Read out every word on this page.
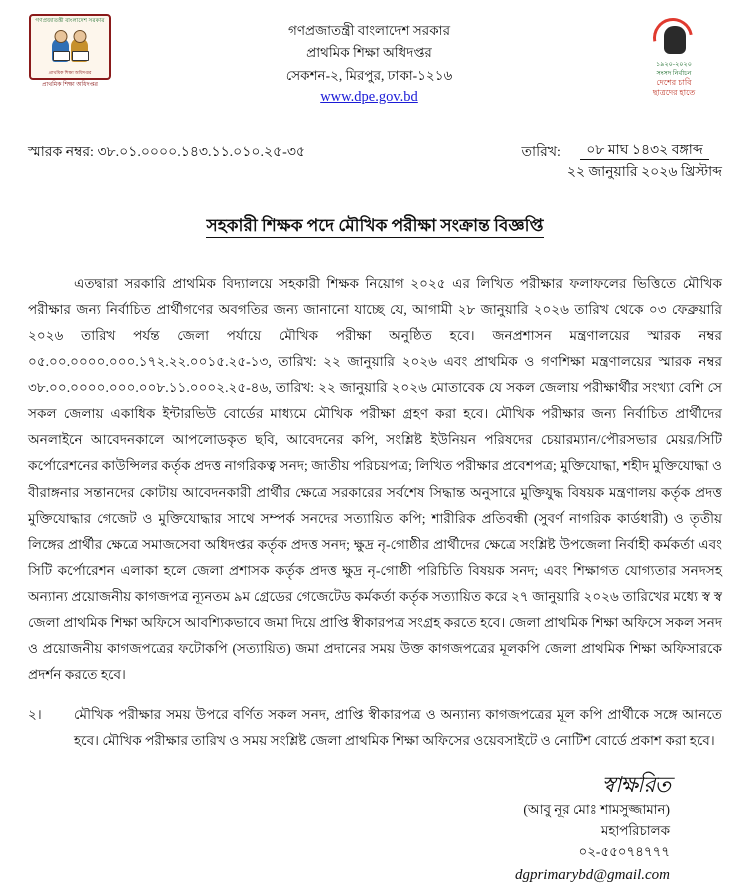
গণপ্রজাতন্ত্রী বাংলাদেশ সরকার
প্রাথমিক শিক্ষা অধিদপ্তর
প্রাথমিক শিক্ষা অধিদপ্তর
গণপ্রজাতন্ত্রী বাংলাদেশ সরকার
প্রাথমিক শিক্ষা অধিদপ্তর
সেকশন-২, মিরপুর, ঢাকা-১২১৬
www.dpe.gov.bd
১৯২০-২০২০
সংসদ নির্বাচন
দেশের চাবি
ছাত্রদের হাতে
স্মারক নম্বর: ৩৮.০১.০০০০.১৪৩.১১.০১০.২৫-৩৫	তারিখ:	০৮ মাঘ ১৪৩২ বঙ্গাব্দ
২২ জানুয়ারি ২০২৬ খ্রিস্টাব্দ
সহকারী শিক্ষক পদে মৌখিক পরীক্ষা সংক্রান্ত বিজ্ঞপ্তি

এতদ্বারা সরকারি প্রাথমিক বিদ্যালয়ে সহকারী শিক্ষক নিয়োগ ২০২৫ এর লিখিত পরীক্ষার ফলাফলের ভিত্তিতে মৌখিক পরীক্ষার জন্য নির্বাচিত প্রার্থীগণের অবগতির জন্য জানানো যাচ্ছে যে, আগামী ২৮ জানুয়ারি ২০২৬ তারিখ থেকে ০৩ ফেব্রুয়ারি ২০২৬ তারিখ পর্যন্ত জেলা পর্যায়ে মৌখিক পরীক্ষা অনুষ্ঠিত হবে। জনপ্রশাসন মন্ত্রণালয়ের স্মারক নম্বর ০৫.০০.০০০০.০০০.১৭২.২২.০০১৫.২৫-১৩, তারিখ: ২২ জানুয়ারি ২০২৬ এবং প্রাথমিক ও গণশিক্ষা মন্ত্রণালয়ের স্মারক নম্বর ৩৮.০০.০০০০.০০০.০০৮.১১.০০০২.২৫-৪৬, তারিখ: ২২ জানুয়ারি ২০২৬ মোতাবেক যে সকল জেলায় পরীক্ষার্থীর সংখ্যা বেশি সে সকল জেলায় একাধিক ইন্টারভিউ বোর্ডের মাধ্যমে মৌখিক পরীক্ষা গ্রহণ করা হবে। মৌখিক পরীক্ষার জন্য নির্বাচিত প্রার্থীদের অনলাইনে আবেদনকালে আপলোডকৃত ছবি, আবেদনের কপি, সংশ্লিষ্ট ইউনিয়ন পরিষদের চেয়ারম্যান/পৌরসভার মেয়র/সিটি কর্পোরেশনের কাউন্সিলর কর্তৃক প্রদত্ত নাগরিকত্ব সনদ; জাতীয় পরিচয়পত্র; লিখিত পরীক্ষার প্রবেশপত্র; মুক্তিযোদ্ধা, শহীদ মুক্তিযোদ্ধা ও বীরাঙ্গনার সন্তানদের কোটায় আবেদনকারী প্রার্থীর ক্ষেত্রে সরকারের সর্বশেষ সিদ্ধান্ত অনুসারে মুক্তিযুদ্ধ বিষয়ক মন্ত্রণালয় কর্তৃক প্রদত্ত মুক্তিযোদ্ধার গেজেট ও মুক্তিযোদ্ধার সাথে সম্পর্ক সনদের সত্যায়িত কপি; শারীরিক প্রতিবন্ধী (সুবর্ণ নাগরিক কার্ডধারী) ও তৃতীয় লিঙ্গের প্রার্থীর ক্ষেত্রে সমাজসেবা অধিদপ্তর কর্তৃক প্রদত্ত সনদ; ক্ষুদ্র নৃ-গোষ্ঠীর প্রার্থীদের ক্ষেত্রে সংশ্লিষ্ট উপজেলা নির্বাহী কর্মকর্তা এবং সিটি কর্পোরেশন এলাকা হলে জেলা প্রশাসক কর্তৃক প্রদত্ত ক্ষুদ্র নৃ-গোষ্ঠী পরিচিতি বিষয়ক সনদ; এবং শিক্ষাগত যোগ্যতার সনদসহ অন্যান্য প্রয়োজনীয় কাগজপত্র ন্যূনতম ৯ম গ্রেডের গেজেটেড কর্মকর্তা কর্তৃক সত্যায়িত করে ২৭ জানুয়ারি ২০২৬ তারিখের মধ্যে স্ব স্ব জেলা প্রাথমিক শিক্ষা অফিসে আবশ্যিকভাবে জমা দিয়ে প্রাপ্তি স্বীকারপত্র সংগ্রহ করতে হবে। জেলা প্রাথমিক শিক্ষা অফিসে সকল সনদ ও প্রয়োজনীয় কাগজপত্রের ফটোকপি (সত্যায়িত) জমা প্রদানের সময় উক্ত কাগজপত্রের মূলকপি জেলা প্রাথমিক শিক্ষা অফিসারকে প্রদর্শন করতে হবে।

২।	মৌখিক পরীক্ষার সময় উপরে বর্ণিত সকল সনদ, প্রাপ্তি স্বীকারপত্র ও অন্যান্য কাগজপত্রের মূল কপি প্রার্থীকে সঙ্গে আনতে হবে। মৌখিক পরীক্ষার তারিখ ও সময় সংশ্লিষ্ট জেলা প্রাথমিক শিক্ষা অফিসের ওয়েবসাইটে ও নোটিশ বোর্ডে প্রকাশ করা হবে।
স্বাক্ষরিত
(আবু নূর মোঃ শামসুজ্জামান)
মহাপরিচালক
০২-৫৫০৭৪৭৭৭
dgprimarybd@gmail.com
